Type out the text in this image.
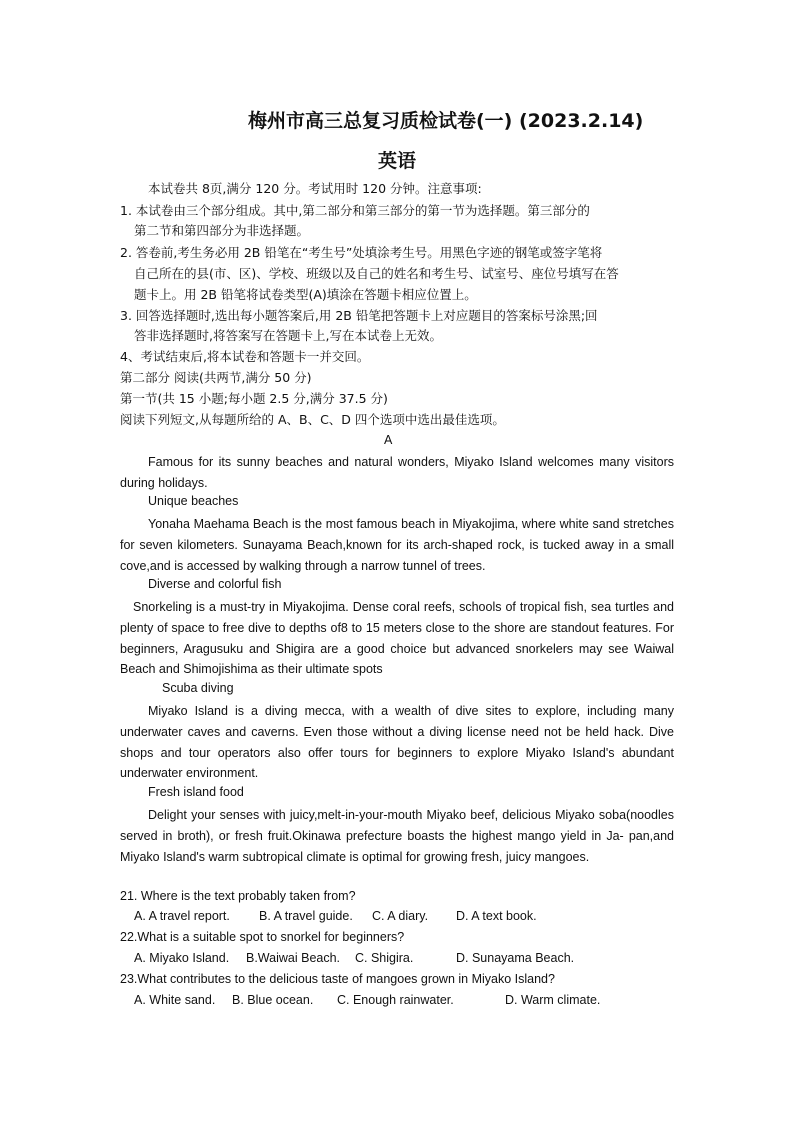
梅州市高三总复习质检试卷(一) (2023.2.14)
英语
本试卷共 8页,满分 120 分。考试用时 120 分钟。注意事项:
1. 本试卷由三个部分组成。其中,第二部分和第三部分的第一节为选择题。第三部分的
第二节和第四部分为非选择题。
2. 答卷前,考生务必用 2B 铅笔在“考生号”处填涂考生号。用黑色字迹的钢笔或签字笔将
自己所在的县(市、区)、学校、班级以及自己的姓名和考生号、试室号、座位号填写在答
题卡上。用 2B 铅笔将试卷类型(A)填涂在答题卡相应位置上。
3. 回答选择题时,选出每小题答案后,用 2B 铅笔把答题卡上对应题目的答案标号涂黑;回
答非选择题时,将答案写在答题卡上,写在本试卷上无效。
4、考试结束后,将本试卷和答题卡一并交回。
第二部分 阅读(共两节,满分 50 分)
第一节(共 15 小题;每小题 2.5 分,满分 37.5 分)
阅读下列短文,从每题所给的 A、B、C、D 四个选项中选出最佳选项。
A

Famous for its sunny beaches and natural wonders, Miyako Island welcomes many visitors during holidays.

Unique beaches

Yonaha Maehama Beach is the most famous beach in Miyakojima, where white sand stretches for seven kilometers. Sunayama Beach,known for its arch-shaped rock, is tucked away in a small cove,and is accessed by walking through a narrow tunnel of trees.

Diverse and colorful fish

Snorkeling is a must-try in Miyakojima. Dense coral reefs, schools of tropical fish, sea turtles and plenty of space to free dive to depths of8 to 15 meters close to the shore are standout features. For beginners, Aragusuku and Shigira are a good choice but advanced snorkelers may see Waiwal Beach and Shimojishima as their ultimate spots

Scuba diving

Miyako Island is a diving mecca, with a wealth of dive sites to explore, including many underwater caves and caverns. Even those without a diving license need not be held hack. Dive shops and tour operators also offer tours for beginners to explore Miyako Island's abundant underwater environment.

Fresh island food

Delight your senses with juicy,melt-in-your-mouth Miyako beef, delicious Miyako soba(noodles served in broth), or fresh fruit.Okinawa prefecture boasts the highest mango yield in Ja- pan,and Miyako Island's warm subtropical climate is optimal for growing fresh, juicy mangoes.

21. Where is the text probably taken from?
A. A travel report. B. A travel guide. C. A diary. D. A text book.
22.What is a suitable spot to snorkel for beginners?
A. Miyako Island. B.Waiwai Beach. C. Shigira.	D. Sunayama Beach.
23.What contributes to the delicious taste of mangoes grown in Miyako Island?
A. White sand. B. Blue ocean. C. Enough rainwater.	D. Warm climate.
